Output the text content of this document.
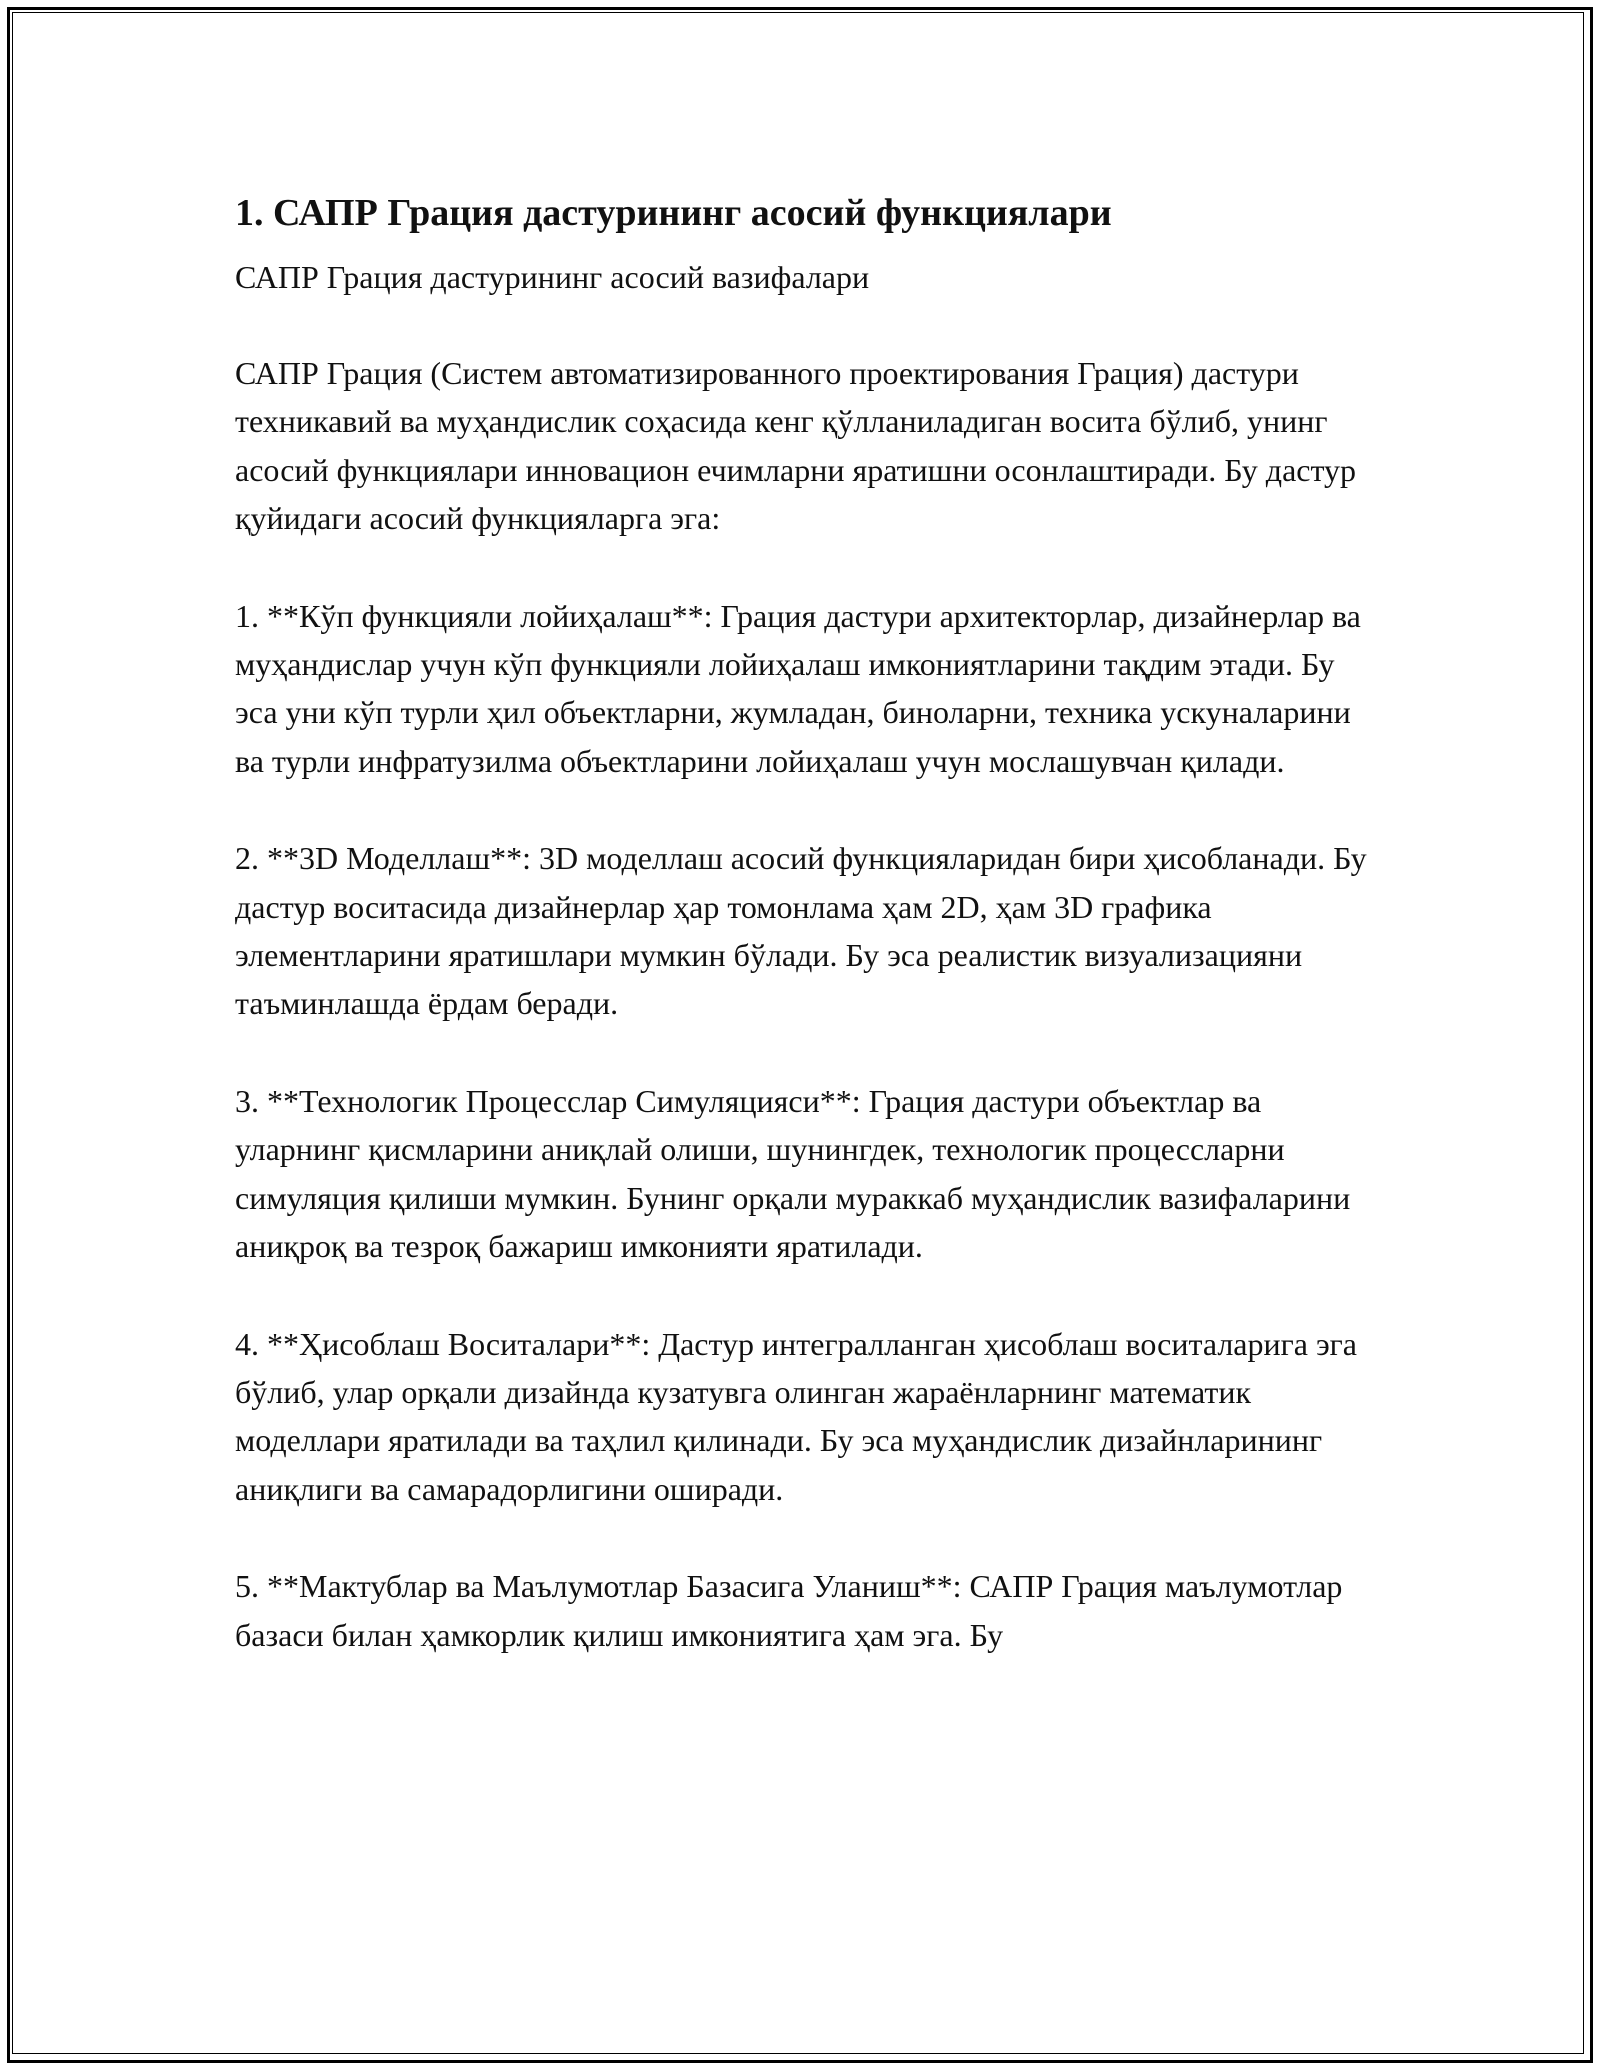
1. САПР Грация дастурининг асосий функциялари

САПР Грация дастурининг асосий вазифалари

САПР Грация (Систем автоматизированного проектирования Грация) дастури техникавий ва муҳандислик соҳасида кенг қўлланиладиган восита бўлиб, унинг асосий функциялари инновацион ечимларни яратишни осонлаштиради. Бу дастур қуйидаги асосий функцияларга эга:

1. **Кўп функцияли лойиҳалаш**: Грация дастури архитекторлар, дизайнерлар ва муҳандислар учун кўп функцияли лойиҳалаш имкониятларини тақдим этади. Бу эса уни кўп турли ҳил объектларни, жумладан, биноларни, техника ускуналарини ва турли инфратузилма объектларини лойиҳалаш учун мослашувчан қилади.

2. **3D Моделлаш**: 3D моделлаш асосий функцияларидан бири ҳисобланади. Бу дастур воситасида дизайнерлар ҳар томонлама ҳам 2D, ҳам 3D графика элементларини яратишлари мумкин бўлади. Бу эса реалистик визуализацияни таъминлашда ёрдам беради.

3. **Технологик Процесслар Симуляцияси**: Грация дастури объектлар ва уларнинг қисмларини аниқлай олиши, шунингдек, технологик процессларни симуляция қилиши мумкин. Бунинг орқали мураккаб муҳандислик вазифаларини аниқроқ ва тезроқ бажариш имконияти яратилади.

4. **Ҳисоблаш Воситалари**: Дастур интегралланган ҳисоблаш воситаларига эга бўлиб, улар орқали дизайнда кузатувга олинган жараёнларнинг математик моделлари яратилади ва таҳлил қилинади. Бу эса муҳандислик дизайнларининг аниқлиги ва самарадорлигини оширади.

5. **Мактублар ва Маълумотлар Базасига Уланиш**: САПР Грация маълумотлар базаси билан ҳамкорлик қилиш имкониятига ҳам эга. Бу
